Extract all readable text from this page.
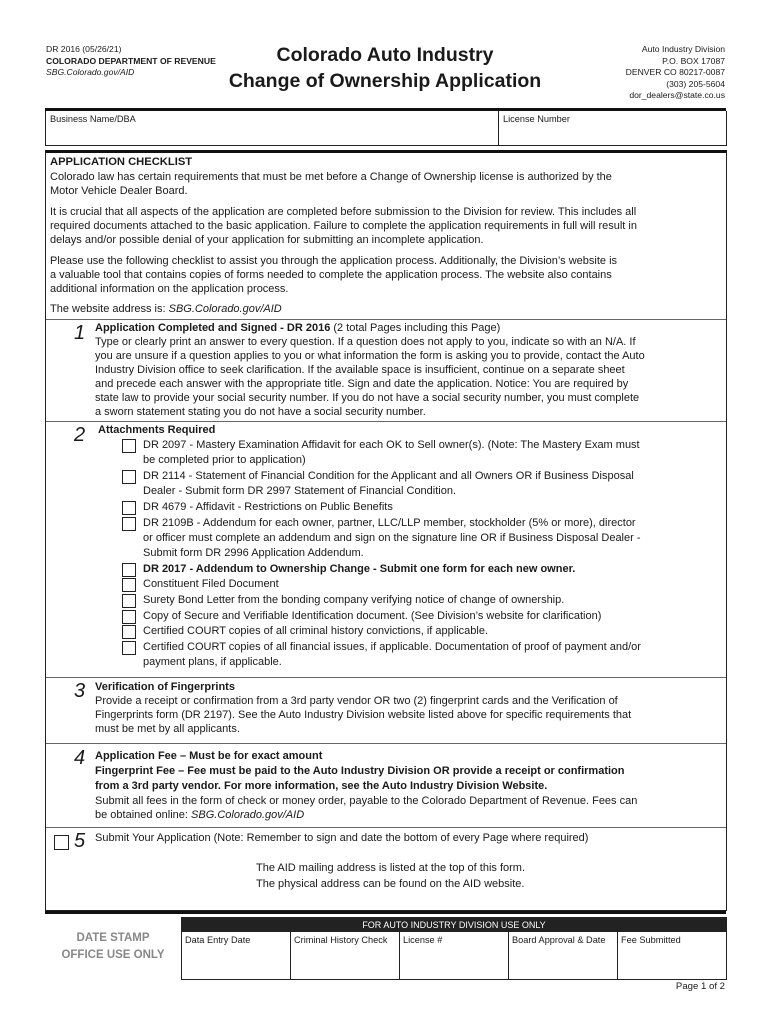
DR 2016 (05/26/21)
COLORADO DEPARTMENT OF REVENUE
SBG.Colorado.gov/AID
Colorado Auto Industry
Change of Ownership Application
Auto Industry Division
P.O. BOX 17087
DENVER CO 80217-0087
(303) 205-5604
dor_dealers@state.co.us
Business Name/DBA	License Number
APPLICATION CHECKLIST
Colorado law has certain requirements that must be met before a Change of Ownership license is authorized by the
Motor Vehicle Dealer Board.
It is crucial that all aspects of the application are completed before submission to the Division for review. This includes all
required documents attached to the basic application. Failure to complete the application requirements in full will result in
delays and/or possible denial of your application for submitting an incomplete application.
Please use the following checklist to assist you through the application process. Additionally, the Division’s website is
a valuable tool that contains copies of forms needed to complete the application process. The website also contains
additional information on the application process.
The website address is: SBG.Colorado.gov/AID
1 Application Completed and Signed - DR 2016 (2 total Pages including this Page)
Type or clearly print an answer to every question. If a question does not apply to you, indicate so with an N/A. If
you are unsure if a question applies to you or what information the form is asking you to provide, contact the Auto
Industry Division office to seek clarification. If the available space is insufficient, continue on a separate sheet
and precede each answer with the appropriate title. Sign and date the application. Notice: You are required by
state law to provide your social security number. If you do not have a social security number, you must complete
a sworn statement stating you do not have a social security number.
2 Attachments Required
DR 2097 - Mastery Examination Affidavit for each OK to Sell owner(s). (Note: The Mastery Exam must
be completed prior to application)
DR 2114 - Statement of Financial Condition for the Applicant and all Owners OR if Business Disposal
Dealer - Submit form DR 2997 Statement of Financial Condition.
DR 4679 - Affidavit - Restrictions on Public Benefits
DR 2109B - Addendum for each owner, partner, LLC/LLP member, stockholder (5% or more), director
or officer must complete an addendum and sign on the signature line OR if Business Disposal Dealer -
Submit form DR 2996 Application Addendum.
DR 2017 - Addendum to Ownership Change - Submit one form for each new owner.
Constituent Filed Document
Surety Bond Letter from the bonding company verifying notice of change of ownership.
Copy of Secure and Verifiable Identification document. (See Division’s website for clarification)
Certified COURT copies of all criminal history convictions, if applicable.
Certified COURT copies of all financial issues, if applicable. Documentation of proof of payment and/or
payment plans, if applicable.
3 Verification of Fingerprints
Provide a receipt or confirmation from a 3rd party vendor OR two (2) fingerprint cards and the Verification of
Fingerprints form (DR 2197). See the Auto Industry Division website listed above for specific requirements that
must be met by all applicants.
4 Application Fee – Must be for exact amount
Fingerprint Fee – Fee must be paid to the Auto Industry Division OR provide a receipt or confirmation
from a 3rd party vendor. For more information, see the Auto Industry Division Website.
Submit all fees in the form of check or money order, payable to the Colorado Department of Revenue. Fees can
be obtained online: SBG.Colorado.gov/AID
5 Submit Your Application (Note: Remember to sign and date the bottom of every Page where required)
The AID mailing address is listed at the top of this form.
The physical address can be found on the AID website.
DATE STAMP
OFFICE USE ONLY
FOR AUTO INDUSTRY DIVISION USE ONLY
Data Entry Date	Criminal History Check	License #	Board Approval & Date	Fee Submitted
Page 1 of 2
